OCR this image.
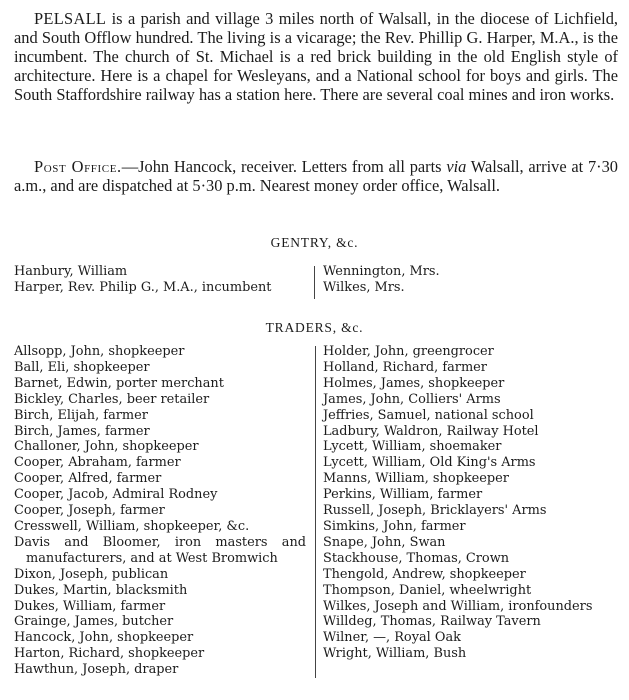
PELSALL is a parish and village 3 miles north of Walsall, in the diocese of Lichfield, and South Offlow hundred. The living is a vicarage; the Rev. Phillip G. Harper, M.A., is the incumbent. The church of St. Michael is a red brick building in the old English style of architecture. Here is a chapel for Wesleyans, and a National school for boys and girls. The South Staffordshire railway has a station here. There are several coal mines and iron works.

Post Office.—John Hancock, receiver. Letters from all parts via Walsall, arrive at 7·30 a.m., and are dispatched at 5·30 p.m. Nearest money order office, Walsall.

GENTRY, &c.
Hanbury, William
Harper, Rev. Philip G., M.A., incumbent
Wennington, Mrs.
Wilkes, Mrs.
TRADERS, &c.
Allsopp, John, shopkeeper
Ball, Eli, shopkeeper
Barnet, Edwin, porter merchant
Bickley, Charles, beer retailer
Birch, Elijah, farmer
Birch, James, farmer
Challoner, John, shopkeeper
Cooper, Abraham, farmer
Cooper, Alfred, farmer
Cooper, Jacob, Admiral Rodney
Cooper, Joseph, farmer
Cresswell, William, shopkeeper, &c.
Davis and Bloomer, iron masters and
manufacturers, and at West Bromwich
Dixon, Joseph, publican
Dukes, Martin, blacksmith
Dukes, William, farmer
Grainge, James, butcher
Hancock, John, shopkeeper
Harton, Richard, shopkeeper
Hawthun, Joseph, draper
Holder, John, greengrocer
Holland, Richard, farmer
Holmes, James, shopkeeper
James, John, Colliers' Arms
Jeffries, Samuel, national school
Ladbury, Waldron, Railway Hotel
Lycett, William, shoemaker
Lycett, William, Old King's Arms
Manns, William, shopkeeper
Perkins, William, farmer
Russell, Joseph, Bricklayers' Arms
Simkins, John, farmer
Snape, John, Swan
Stackhouse, Thomas, Crown
Thengold, Andrew, shopkeeper
Thompson, Daniel, wheelwright
Wilkes, Joseph and William, ironfounders
Willdeg, Thomas, Railway Tavern
Wilner, —, Royal Oak
Wright, William, Bush
